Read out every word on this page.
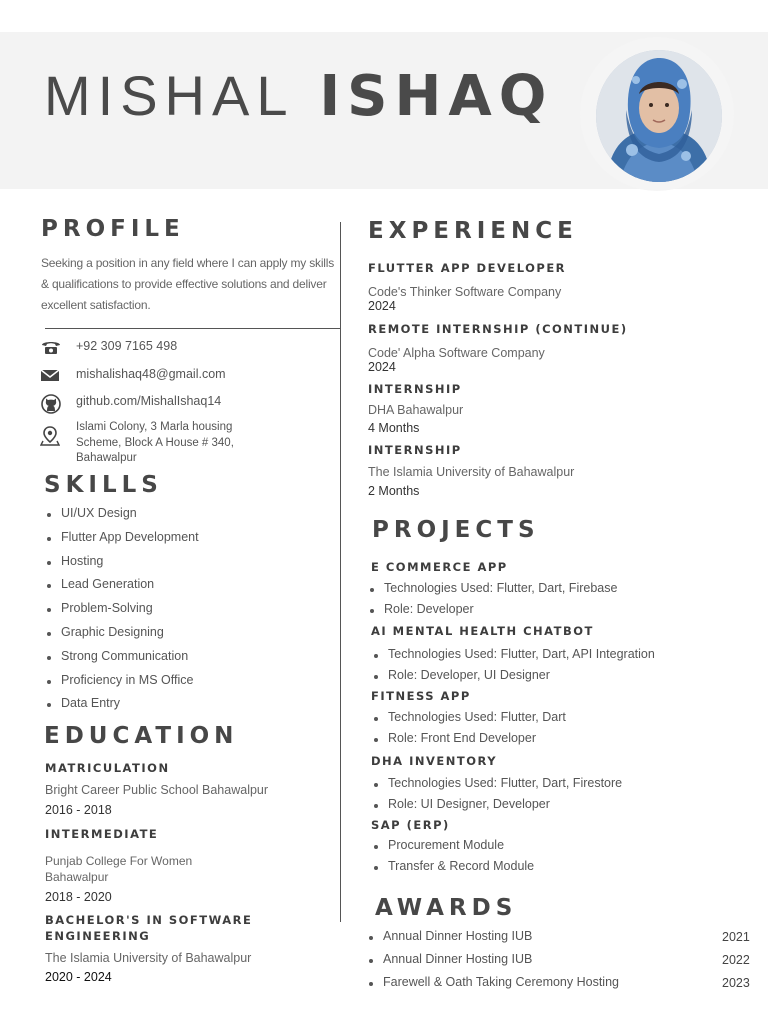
MISHAL ISHAQ
PROFILE
Seeking a position in any field where I can apply my skills & qualifications to provide effective solutions and deliver excellent satisfaction.
+92 309 7165 498
mishalishaq48@gmail.com
github.com/MishalIshaq14
Islami Colony, 3 Marla housing
Scheme, Block A House # 340,
Bahawalpur
SKILLS
UI/UX Design
Flutter App Development
Hosting
Lead Generation
Problem-Solving
Graphic Designing
Strong Communication
Proficiency in MS Office
Data Entry
EDUCATION
MATRICULATION
Bright Career Public School Bahawalpur
2016 - 2018
INTERMEDIATE
Punjab College For Women
Bahawalpur
2018 - 2020
BACHELOR'S IN SOFTWARE
ENGINEERING
The Islamia University of Bahawalpur
2020 - 2024
EXPERIENCE
FLUTTER APP DEVELOPER
Code's Thinker Software Company
2024
REMOTE INTERNSHIP (CONTINUE)
Code' Alpha Software Company
2024
INTERNSHIP
DHA Bahawalpur
4 Months
INTERNSHIP
The Islamia University of Bahawalpur
2 Months
PROJECTS
E COMMERCE APP
Technologies Used: Flutter, Dart, Firebase
Role: Developer
AI MENTAL HEALTH CHATBOT
Technologies Used: Flutter, Dart, API Integration
Role: Developer, UI Designer
FITNESS APP
Technologies Used: Flutter, Dart
Role: Front End Developer
DHA INVENTORY
Technologies Used: Flutter, Dart, Firestore
Role: UI Designer, Developer
SAP (ERP)
Procurement Module
Transfer & Record Module
AWARDS
Annual Dinner Hosting IUB
Annual Dinner Hosting IUB
Farewell & Oath Taking Ceremony Hosting
2021
2022
2023
